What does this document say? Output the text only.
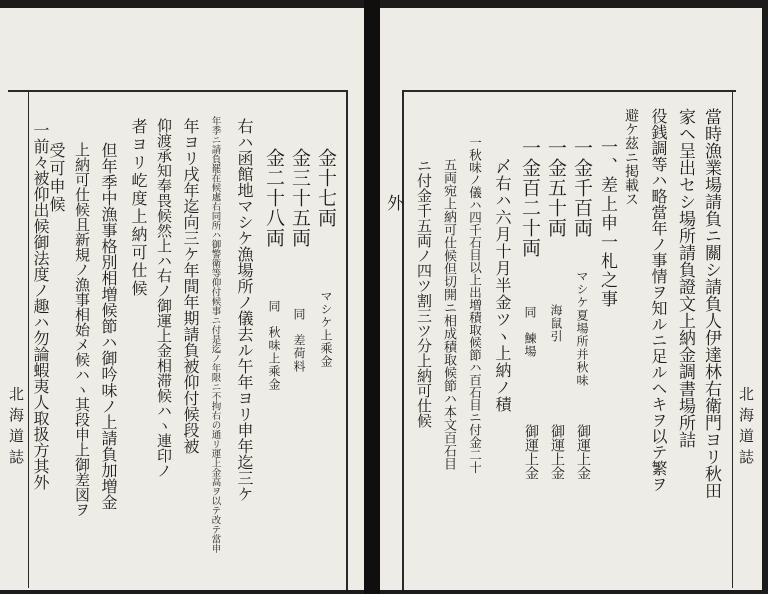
北海道誌
金十七両
金三十五両
金二十八両
マシケ上乘金
同　差荷料
同　秋味上乘金
右ハ函館地マシケ漁場所ノ儀去ル午年ヨリ申年迄三ケ
年季ニ請負罷在候處右同所ハ御警衛等仰付候事ニ付是迄ノ年限ニ不拘右の通リ運上金高ヲ以テ改テ當申
年ヨリ戌年迄向三ケ年間年期請負被仰付候段被
仰渡承知奉畏候然上ハ右ノ御運上金相滞候ハヽ連印ノ
者ヨリ屹度上納可仕候
但年季中漁事格別相増候節ハ御吟味ノ上請負加増金
上納可仕候且新規ノ漁事相始メ候ハヽ其段申上御差図ヲ
受可申候
一前々被仰出候御法度ノ趣ハ勿論蝦夷人取扱方其外	北海道誌
當時漁業場請負ニ關シ請負人伊達林右衛門ヨリ秋田
家ヘ呈出セシ場所請負證文上納金調書場所詰
役銭調等ハ略當年ノ事情ヲ知ルニ足ルヘキヲ以テ繁ヲ
避ケ茲ニ掲載ス
一、差上申一札之事
一金千百両
一金五十両
一金百二十両
マシケ夏場所并秋味
海鼠引
同　鰊場
御運上金
御運上金
御運上金
〆右ハ六月十月半金ツヽ上納ノ積
一秋味ノ儀ハ四千石目以上出増積取候節ハ百石目ニ付金二十
五両宛上納可仕候但切開ニ相成積取候節ハ本文百石目
ニ付金千五両ノ四ツ割三ツ分上納可仕候
外
